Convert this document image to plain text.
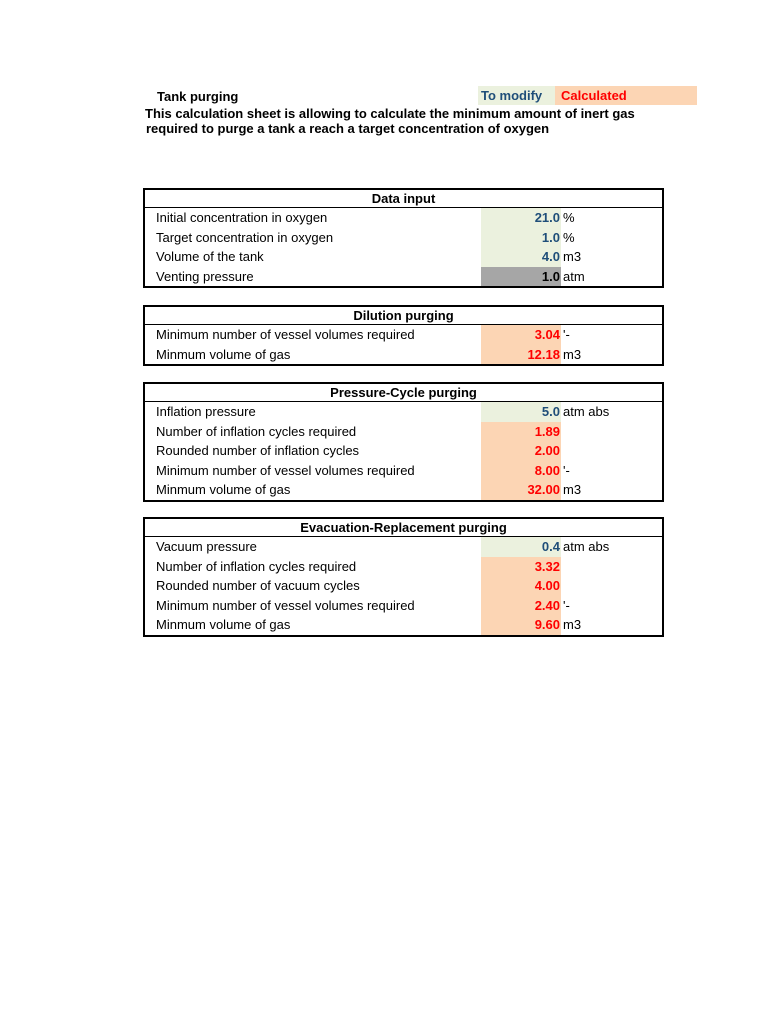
Tank purging	To modify	Calculated
This calculation sheet is allowing to calculate the minimum amount of inert gas
required to purge a tank a reach a target concentration of oxygen
Data input
Initial concentration in oxygen	21.0 %
Target concentration in oxygen	1.0 %
Volume of the tank	4.0 m3
Venting pressure	1.0 atm
Dilution purging
Minimum number of vessel volumes required	3.04 '-
Minmum volume of gas	12.18 m3
Pressure-Cycle purging
Inflation pressure	5.0 atm abs
Number of inflation cycles required	1.89
Rounded number of inflation cycles	2.00
Minimum number of vessel volumes required	8.00 '-
Minmum volume of gas	32.00 m3
Evacuation-Replacement purging
Vacuum pressure	0.4 atm abs
Number of inflation cycles required	3.32
Rounded number of vacuum cycles	4.00
Minimum number of vessel volumes required	2.40 '-
Minmum volume of gas	9.60 m3
